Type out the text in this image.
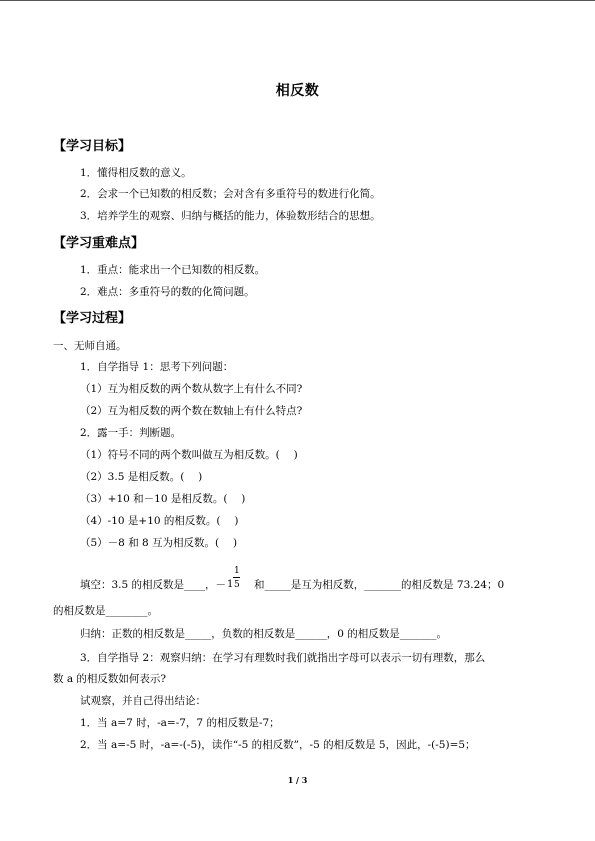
相反数
【学习目标】
1．懂得相反数的意义。
2．会求一个已知数的相反数；会对含有多重符号的数进行化简。
3．培养学生的观察、归纳与概括的能力，体验数形结合的思想。
【学习重难点】
1．重点：能求出一个已知数的相反数。
2．难点：多重符号的数的化简问题。
【学习过程】
一、无师自通。
1．自学指导 1：思考下列问题：
（1）互为相反数的两个数从数字上有什么不同?
（2）互为相反数的两个数在数轴上有什么特点?
2．露一手：判断题。
（1）符号不同的两个数叫做互为相反数。(　 )
（2）3.5 是相反数。(　 )
（3）+10 和－10 是相反数。(　 )
（4）-10 是+10 的相反数。(　 )
（5）－8 和 8 互为相反数。(　 )
填空：3.5 的相反数是____，－ 1
1
5 和_____是互为相反数，_______的相反数是 73.24；0
的相反数是________。
归纳：正数的相反数是_____，负数的相反数是______，0 的相反数是_______。
3．自学指导 2：观察归纳：在学习有理数时我们就指出字母可以表示一切有理数，那么
数 a 的相反数如何表示?
试观察，并自己得出结论：
1．当 a=7 时，-a=-7，7 的相反数是-7；
2．当 a=-5 时，-a=-(-5)，读作“-5 的相反数”，-5 的相反数是 5，因此，-(-5)=5；
1 / 3
